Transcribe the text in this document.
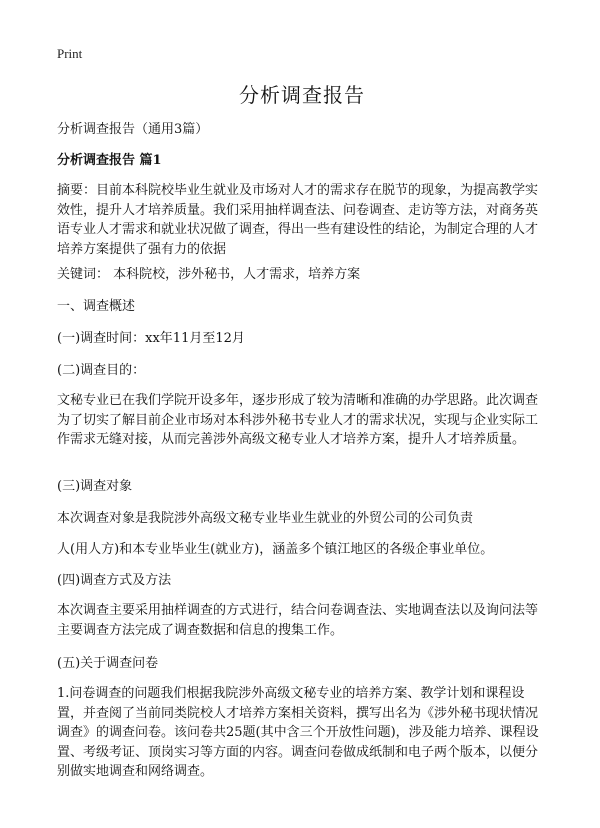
Print
分析调查报告

分析调查报告（通用3篇）

分析调查报告 篇1

摘要：目前本科院校毕业生就业及市场对人才的需求存在脱节的现象，为提高教学实效性，提升人才培养质量。我们采用抽样调查法、问卷调查、走访等方法，对商务英语专业人才需求和就业状况做了调查，得出一些有建设性的结论，为制定合理的人才培养方案提供了强有力的依据

关键词： 本科院校，涉外秘书，人才需求，培养方案

一、调查概述

(一)调查时间：xx年11月至12月

(二)调查目的：

文秘专业已在我们学院开设多年，逐步形成了较为清晰和准确的办学思路。此次调查为了切实了解目前企业市场对本科涉外秘书专业人才的需求状况，实现与企业实际工作需求无缝对接，从而完善涉外高级文秘专业人才培养方案，提升人才培养质量。

(三)调查对象

本次调查对象是我院涉外高级文秘专业毕业生就业的外贸公司的公司负责

人(用人方)和本专业毕业生(就业方)，涵盖多个镇江地区的各级企事业单位。

(四)调查方式及方法

本次调查主要采用抽样调查的方式进行，结合问卷调查法、实地调查法以及询问法等主要调查方法完成了调查数据和信息的搜集工作。

(五)关于调查问卷

1.问卷调查的问题我们根据我院涉外高级文秘专业的培养方案、教学计划和课程设置，并查阅了当前同类院校人才培养方案相关资料，撰写出名为《涉外秘书现状情况调查》的调查问卷。该问卷共25题(其中含三个开放性问题)，涉及能力培养、课程设置、考级考证、顶岗实习等方面的内容。调查问卷做成纸制和电子两个版本，以便分别做实地调查和网络调查。
